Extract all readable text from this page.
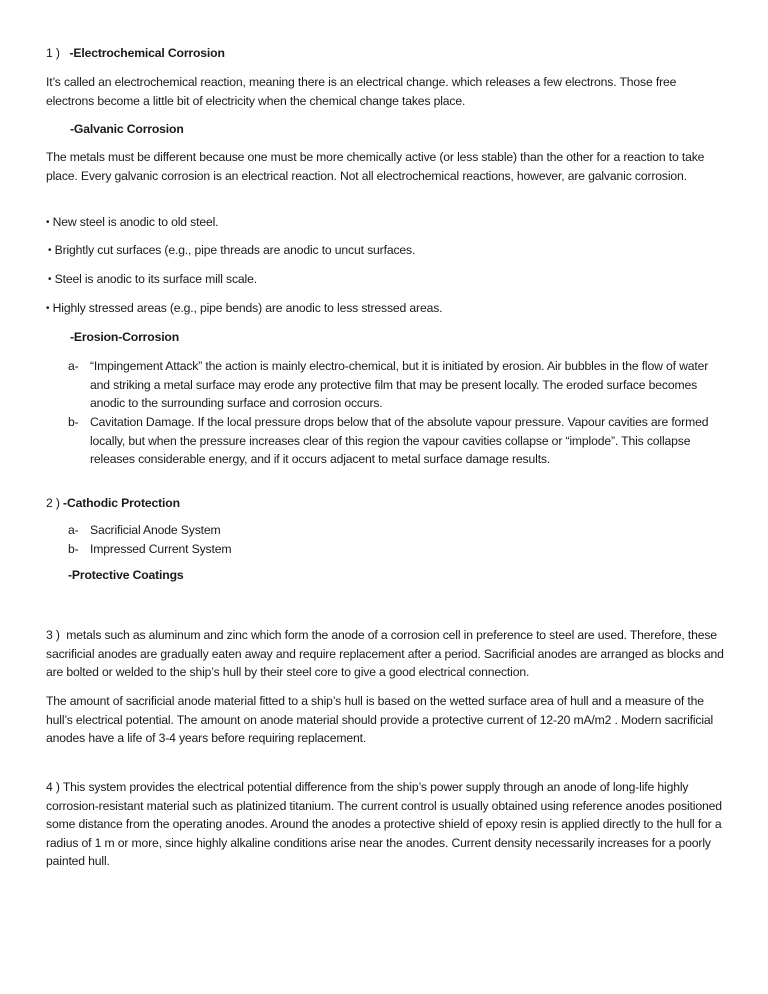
1 ) -Electrochemical Corrosion
It’s called an electrochemical reaction, meaning there is an electrical change. which releases a few electrons. Those free electrons become a little bit of electricity when the chemical change takes place.
-Galvanic Corrosion
The metals must be different because one must be more chemically active (or less stable) than the other for a reaction to take place. Every galvanic corrosion is an electrical reaction. Not all electrochemical reactions, however, are galvanic corrosion.
• New steel is anodic to old steel.
• Brightly cut surfaces (e.g., pipe threads are anodic to uncut surfaces.
• Steel is anodic to its surface mill scale.
• Highly stressed areas (e.g., pipe bends) are anodic to less stressed areas.
-Erosion-Corrosion
a- “Impingement Attack” the action is mainly electro-chemical, but it is initiated by erosion. Air bubbles in the flow of water and striking a metal surface may erode any protective film that may be present locally. The eroded surface becomes anodic to the surrounding surface and corrosion occurs.
b- Cavitation Damage. If the local pressure drops below that of the absolute vapour pressure. Vapour cavities are formed locally, but when the pressure increases clear of this region the vapour cavities collapse or “implode”. This collapse releases considerable energy, and if it occurs adjacent to metal surface damage results.
2 ) -Cathodic Protection
a- Sacrificial Anode System
b- Impressed Current System
-Protective Coatings
3 ) metals such as aluminum and zinc which form the anode of a corrosion cell in preference to steel are used. Therefore, these sacrificial anodes are gradually eaten away and require replacement after a period. Sacrificial anodes are arranged as blocks and are bolted or welded to the ship’s hull by their steel core to give a good electrical connection.
The amount of sacrificial anode material fitted to a ship’s hull is based on the wetted surface area of hull and a measure of the hull’s electrical potential. The amount on anode material should provide a protective current of 12-20 mA/m2 . Modern sacrificial anodes have a life of 3-4 years before requiring replacement.
4 ) This system provides the electrical potential difference from the ship’s power supply through an anode of long-life highly corrosion-resistant material such as platinized titanium. The current control is usually obtained using reference anodes positioned some distance from the operating anodes. Around the anodes a protective shield of epoxy resin is applied directly to the hull for a radius of 1 m or more, since highly alkaline conditions arise near the anodes. Current density necessarily increases for a poorly painted hull.
